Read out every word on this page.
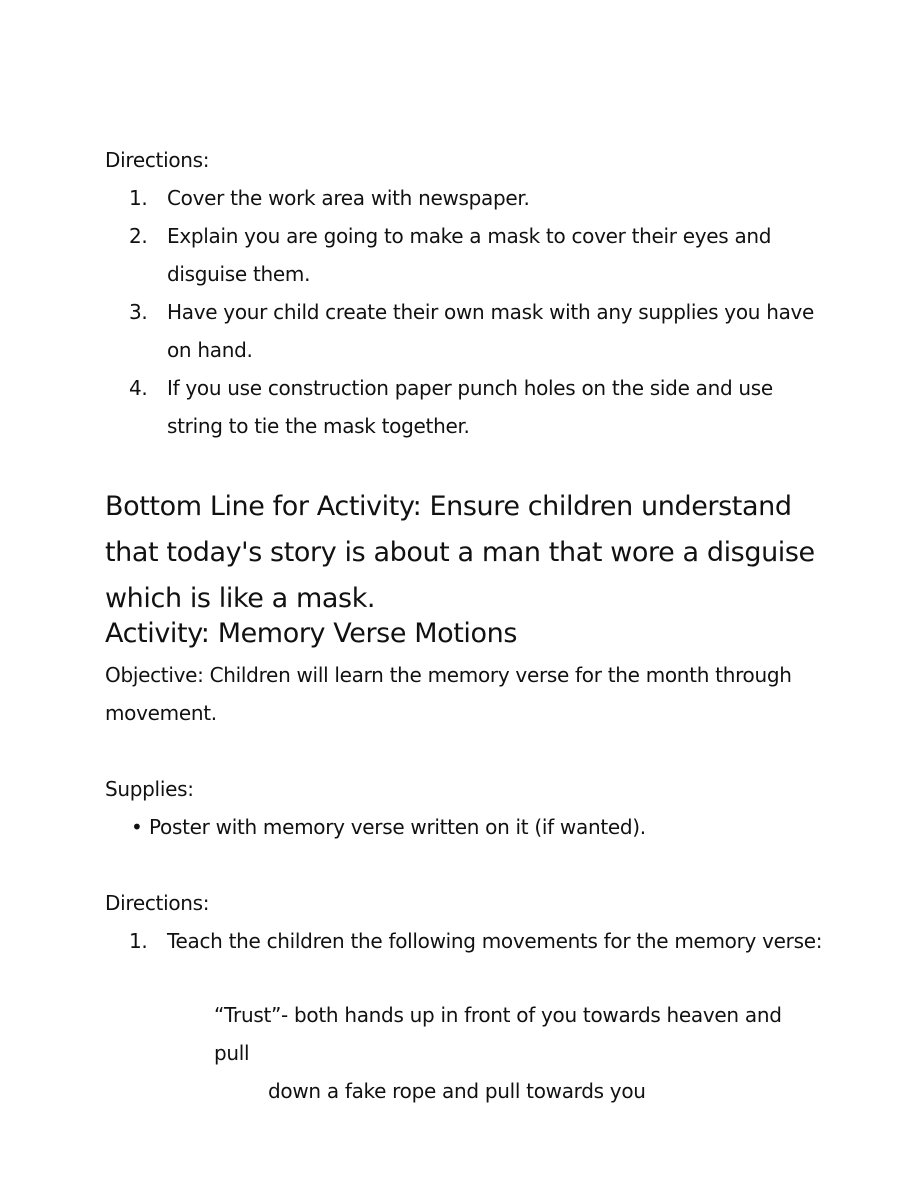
Directions:
1. Cover the work area with newspaper.
2. Explain you are going to make a mask to cover their eyes and disguise them.
3. Have your child create their own mask with any supplies you have on hand.
4. If you use construction paper punch holes on the side and use string to tie the mask together.
Bottom Line for Activity: Ensure children understand that today's story is about a man that wore a disguise which is like a mask.
Activity: Memory Verse Motions
Objective: Children will learn the memory verse for the month through movement.
Supplies:
• Poster with memory verse written on it (if wanted).
Directions:
1. Teach the children the following movements for the memory verse:
“Trust”- both hands up in front of you towards heaven and pull
down a fake rope and pull towards you
